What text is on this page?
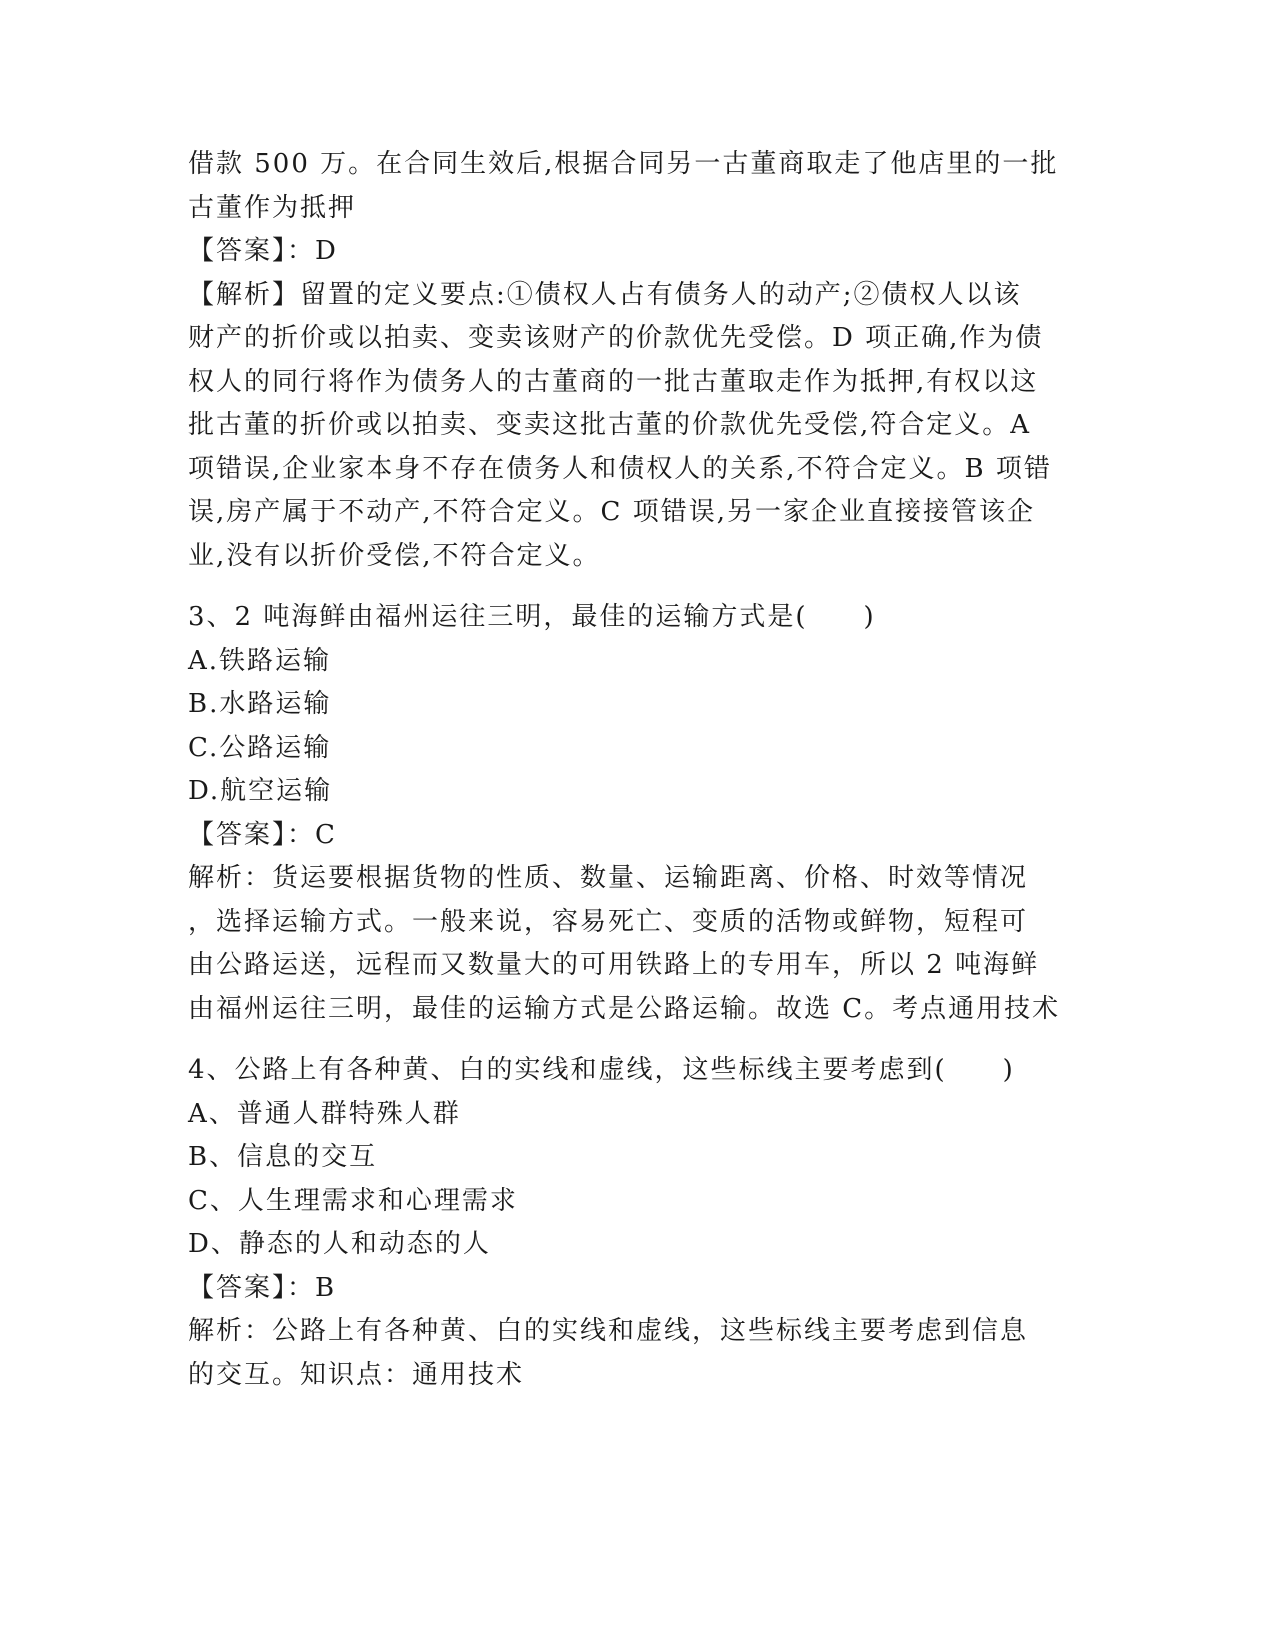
借款 500 万。在合同生效后,根据合同另一古董商取走了他店里的一批
古董作为抵押
【答案】：D
【解析】留置的定义要点:①债权人占有债务人的动产;②债权人以该
财产的折价或以拍卖、变卖该财产的价款优先受偿。D 项正确,作为债
权人的同行将作为债务人的古董商的一批古董取走作为抵押,有权以这
批古董的折价或以拍卖、变卖这批古董的价款优先受偿,符合定义。A
项错误,企业家本身不存在债务人和债权人的关系,不符合定义。B 项错
误,房产属于不动产,不符合定义。C 项错误,另一家企业直接接管该企
业,没有以折价受偿,不符合定义。
3、2 吨海鲜由福州运往三明，最佳的运输方式是(　　)
A.铁路运输
B.水路运输
C.公路运输
D.航空运输
【答案】：C
解析：货运要根据货物的性质、数量、运输距离、价格、时效等情况
，选择运输方式。一般来说，容易死亡、变质的活物或鲜物，短程可
由公路运送，远程而又数量大的可用铁路上的专用车，所以 2 吨海鲜
由福州运往三明，最佳的运输方式是公路运输。故选 C。考点通用技术
4、公路上有各种黄、白的实线和虚线，这些标线主要考虑到(　　)
A、普通人群特殊人群
B、信息的交互
C、人生理需求和心理需求
D、静态的人和动态的人
【答案】：B
解析：公路上有各种黄、白的实线和虚线，这些标线主要考虑到信息
的交互。知识点：通用技术
